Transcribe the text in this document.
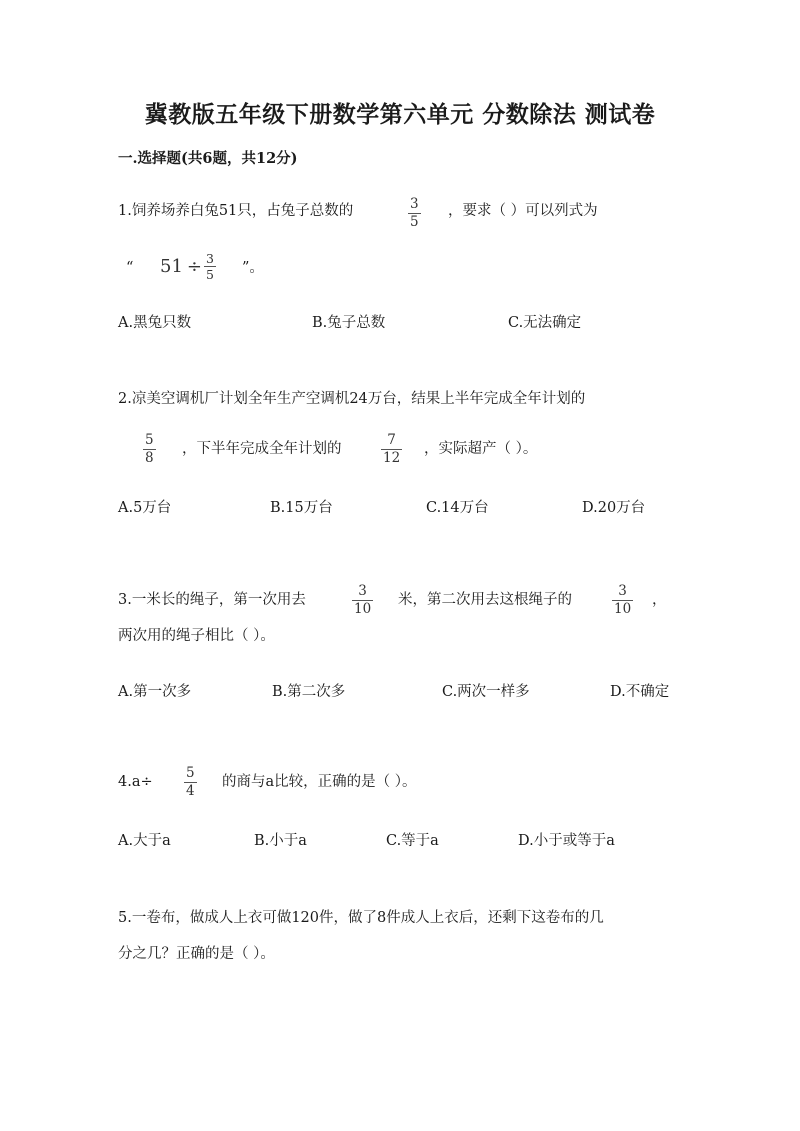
冀教版五年级下册数学第六单元 分数除法 测试卷
一.选择题(共6题，共12分)
1.饲养场养白兔51只，占兔子总数的	3
5
，要求（ ）可以列式为
“ $51 \div \frac{3}{5}$ ”。
A.黑兔只数	B.兔子总数	C.无法确定
2.凉美空调机厂计划全年生产空调机24万台，结果上半年完成全年计划的
5
8
，下半年完成全年计划的
7
12
，实际超产（ ）。
A.5万台	B.15万台	C.14万台	D.20万台
3.一米长的绳子，第一次用去
3
10
米，第二次用去这根绳子的
3
10
，
两次用的绳子相比（ ）。
A.第一次多	B.第二次多	C.两次一样多	D.不确定
4.a÷
5
4
的商与a比较，正确的是（ ）。
A.大于a	B.小于a	C.等于a	D.小于或等于a
5.一卷布，做成人上衣可做120件，做了8件成人上衣后，还剩下这卷布的几
分之几？正确的是（ ）。
